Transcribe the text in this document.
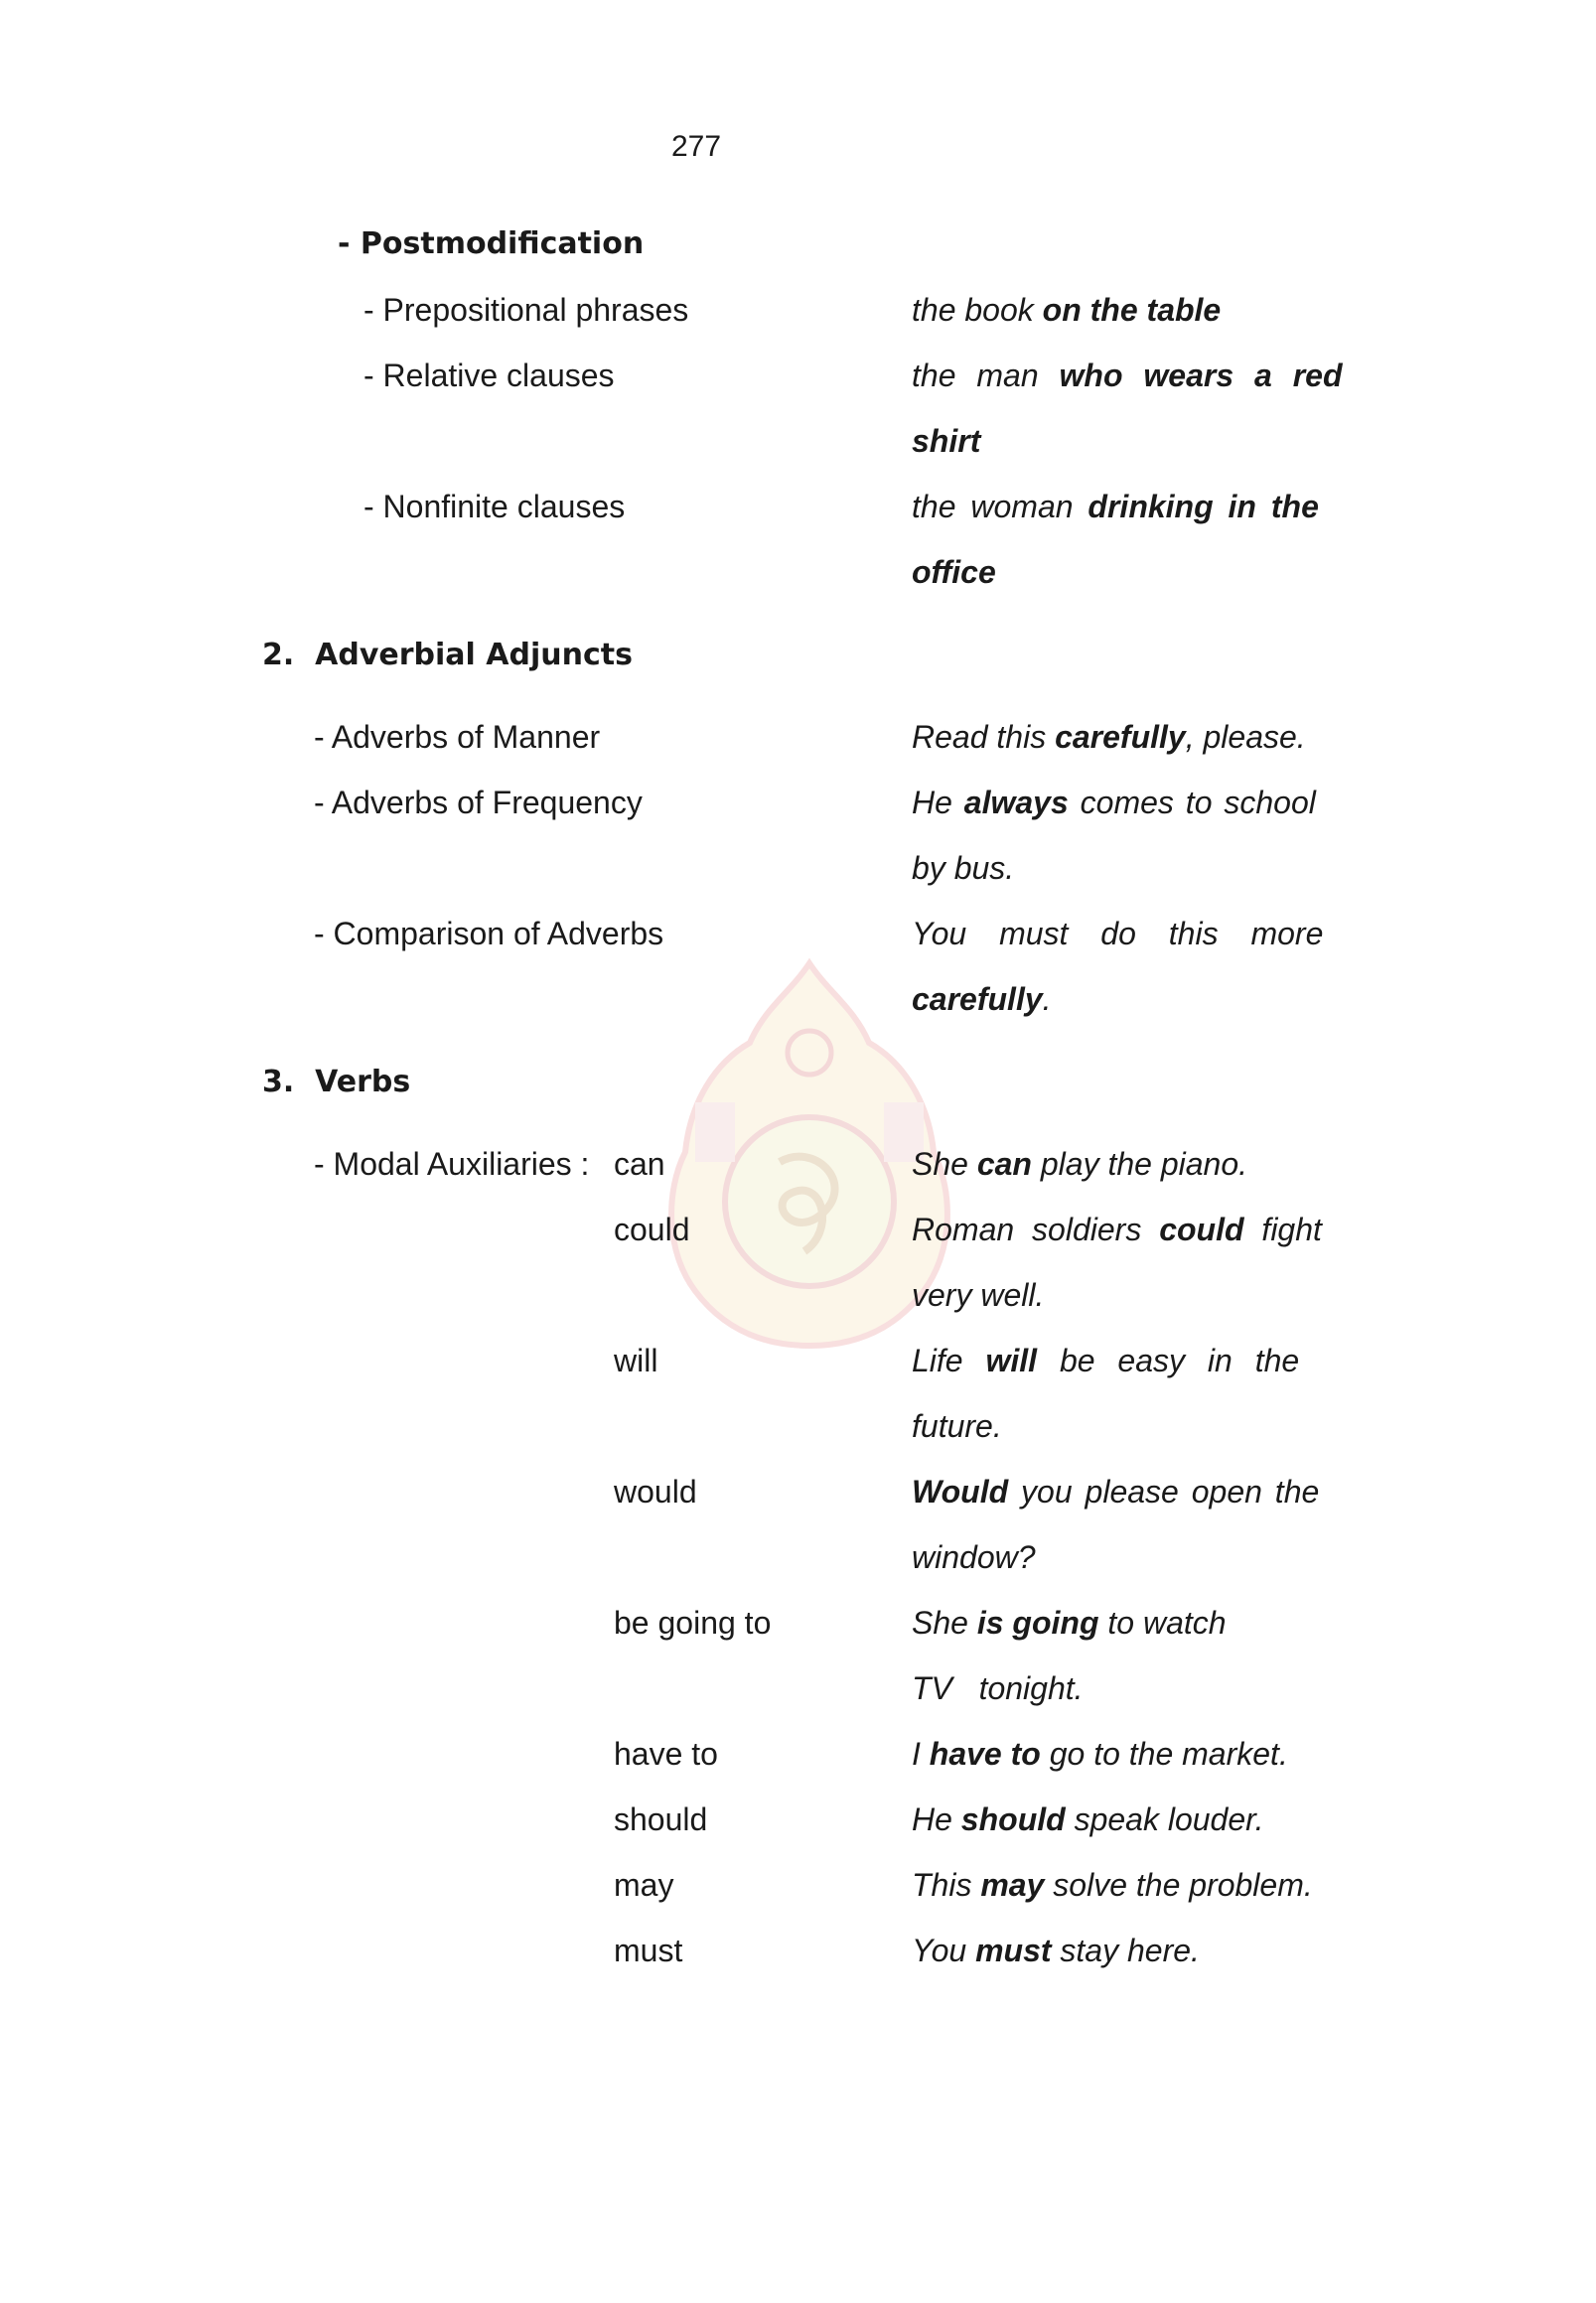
277
- Postmodification
- Prepositional phrases	the book on the table
- Relative clauses	the man who wears a red
shirt
- Nonfinite clauses	the woman drinking in the
office
2.  Adverbial Adjuncts
- Adverbs of Manner	Read this carefully, please.
- Adverbs of Frequency	He always comes to school
by bus.
- Comparison of Adverbs	You must do this more
carefully.
3.  Verbs
- Modal Auxiliaries : can	She can play the piano.
could	Roman soldiers could fight
very well.
will	Life will be easy in the
future.
would	Would you please open the
window?
be going to	She is going to watch
TV   tonight.
have to	I have to go to the market.
should	He should speak louder.
may	This may solve the problem.
must	You must stay here.
